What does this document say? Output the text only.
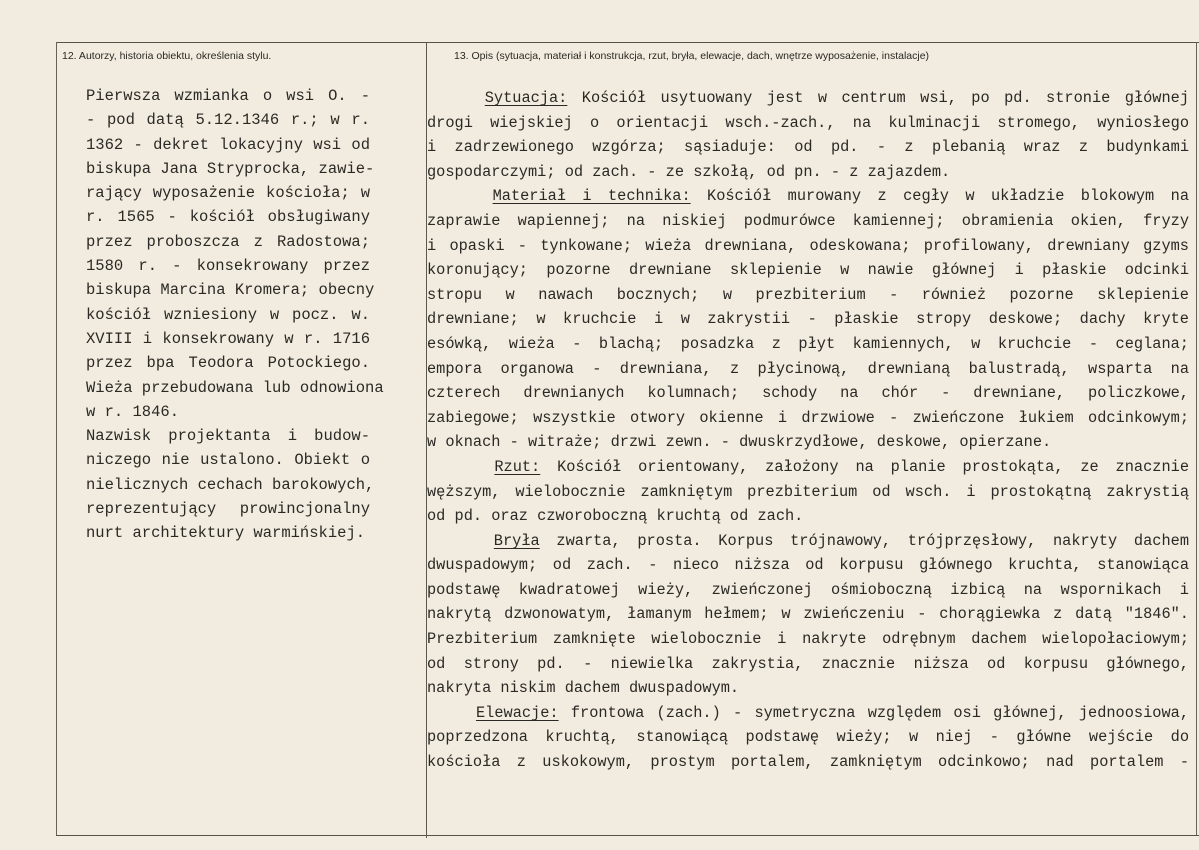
12. Autorzy, historia obiektu, określenia stylu.	13. Opis (sytuacja, materiał i konstrukcja, rzut, bryła, elewacje, dach, wnętrze wyposażenie, instalacje)
Pierwsza wzmianka o wsi O. -
- pod datą 5.12.1346 r.; w r.
1362 - dekret lokacyjny wsi od
biskupa Jana Stryprocka, zawie-
rający wyposażenie kościoła; w
r. 1565 - kościół obsługiwany
przez proboszcza z Radostowa;
1580 r. - konsekrowany przez
biskupa Marcina Kromera; obecny
kościół wzniesiony w pocz. w.
XVIII i konsekrowany w r. 1716
przez bpa Teodora Potockiego.
Wieża przebudowana lub odnowiona
w r. 1846.
Nazwisk projektanta i budow-
niczego nie ustalono. Obiekt o
nielicznych cechach barokowych,
reprezentujący prowincjonalny
nurt architektury warmińskiej.
Sytuacja: Kościół usytuowany jest w centrum wsi, po pd. stronie głównej
drogi wiejskiej o orientacji wsch.-zach., na kulminacji stromego, wyniosłego
i zadrzewionego wzgórza; sąsiaduje: od pd. - z plebanią wraz z budynkami
gospodarczymi; od zach. - ze szkołą, od pn. - z zajazdem.
Materiał i technika: Kościół murowany z cegły w układzie blokowym na
zaprawie wapiennej; na niskiej podmurówce kamiennej; obramienia okien, fryzy
i opaski - tynkowane; wieża drewniana, odeskowana; profilowany, drewniany gzyms
koronujący; pozorne drewniane sklepienie w nawie głównej i płaskie odcinki
stropu w nawach bocznych; w prezbiterium - również pozorne sklepienie
drewniane; w kruchcie i w zakrystii - płaskie stropy deskowe; dachy kryte
esówką, wieża - blachą; posadzka z płyt kamiennych, w kruchcie - ceglana;
empora organowa - drewniana, z płycinową, drewnianą balustradą, wsparta na
czterech drewnianych kolumnach; schody na chór - drewniane, policzkowe,
zabiegowe; wszystkie otwory okienne i drzwiowe - zwieńczone łukiem odcinkowym;
w oknach - witraże; drzwi zewn. - dwuskrzydłowe, deskowe, opierzane.
Rzut: Kościół orientowany, założony na planie prostokąta, ze znacznie
węższym, wielobocznie zamkniętym prezbiterium od wsch. i prostokątną zakrystią
od pd. oraz czworoboczną kruchtą od zach.
Bryła zwarta, prosta. Korpus trójnawowy, trójprzęsłowy, nakryty dachem
dwuspadowym; od zach. - nieco niższa od korpusu głównego kruchta, stanowiąca
podstawę kwadratowej wieży, zwieńczonej ośmioboczną izbicą na wspornikach i
nakrytą dzwonowatym, łamanym hełmem; w zwieńczeniu - chorągiewka z datą "1846".
Prezbiterium zamknięte wielobocznie i nakryte odrębnym dachem wielopołaciowym;
od strony pd. - niewielka zakrystia, znacznie niższa od korpusu głównego,
nakryta niskim dachem dwuspadowym.
Elewacje: frontowa (zach.) - symetryczna względem osi głównej, jednoosiowa,
poprzedzona kruchtą, stanowiącą podstawę wieży; w niej - główne wejście do
kościoła z uskokowym, prostym portalem, zamkniętym odcinkowo; nad portalem -
